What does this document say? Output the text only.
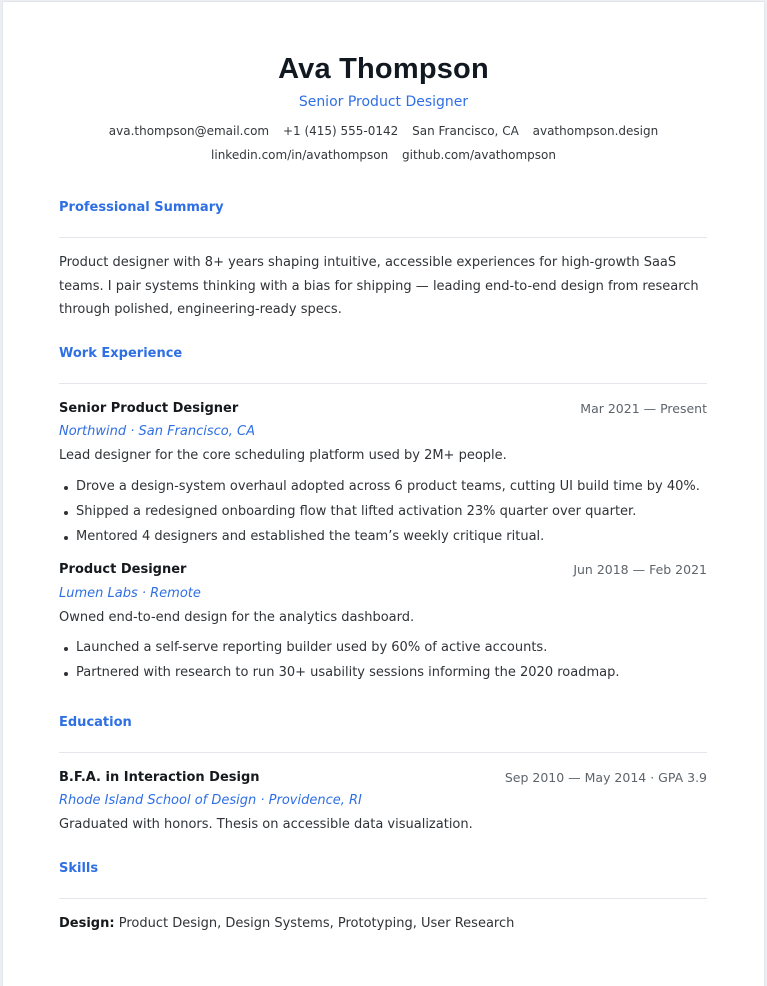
Ava Thompson
Senior Product Designer
ava.thompson@email.com +1 (415) 555-0142 San Francisco, CA avathompson.design
linkedin.com/in/avathompson github.com/avathompson
Professional Summary
Product designer with 8+ years shaping intuitive, accessible experiences for high-growth SaaS teams. I pair systems thinking with a bias for shipping — leading end-to-end design from research through polished, engineering-ready specs.
Work Experience
Senior Product Designer	Mar 2021 — Present
Northwind · San Francisco, CA
Lead designer for the core scheduling platform used by 2M+ people.
Drove a design-system overhaul adopted across 6 product teams, cutting UI build time by 40%.
Shipped a redesigned onboarding flow that lifted activation 23% quarter over quarter.
Mentored 4 designers and established the team’s weekly critique ritual.
Product Designer	Jun 2018 — Feb 2021
Lumen Labs · Remote
Owned end-to-end design for the analytics dashboard.
Launched a self-serve reporting builder used by 60% of active accounts.
Partnered with research to run 30+ usability sessions informing the 2020 roadmap.
Education
B.F.A. in Interaction Design	Sep 2010 — May 2014 · GPA 3.9
Rhode Island School of Design · Providence, RI
Graduated with honors. Thesis on accessible data visualization.
Skills
Design: Product Design, Design Systems, Prototyping, User Research
